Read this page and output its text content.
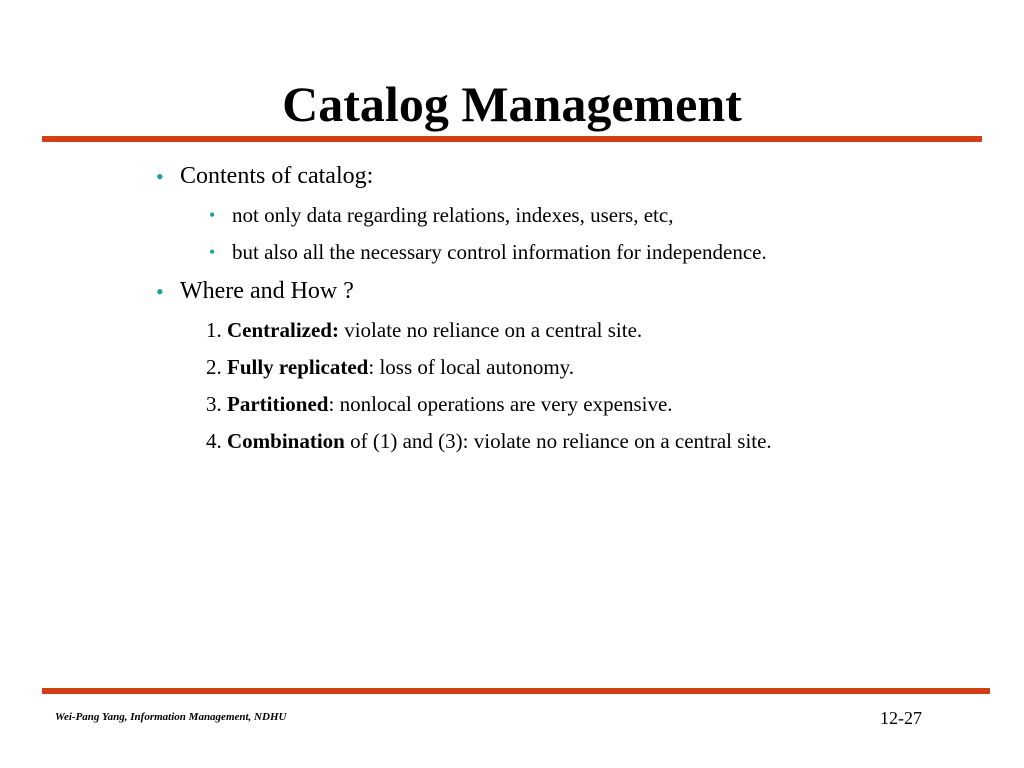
Catalog Management
• Contents of catalog:
• not only data regarding relations, indexes, users, etc,
• but also all the necessary control information for independence.
• Where and How ?
1. Centralized: violate no reliance on a central site.
2. Fully replicated: loss of local autonomy.
3. Partitioned: nonlocal operations are very expensive.
4. Combination of (1) and (3): violate no reliance on a central site.
Wei-Pang Yang, Information Management, NDHU	12-27
